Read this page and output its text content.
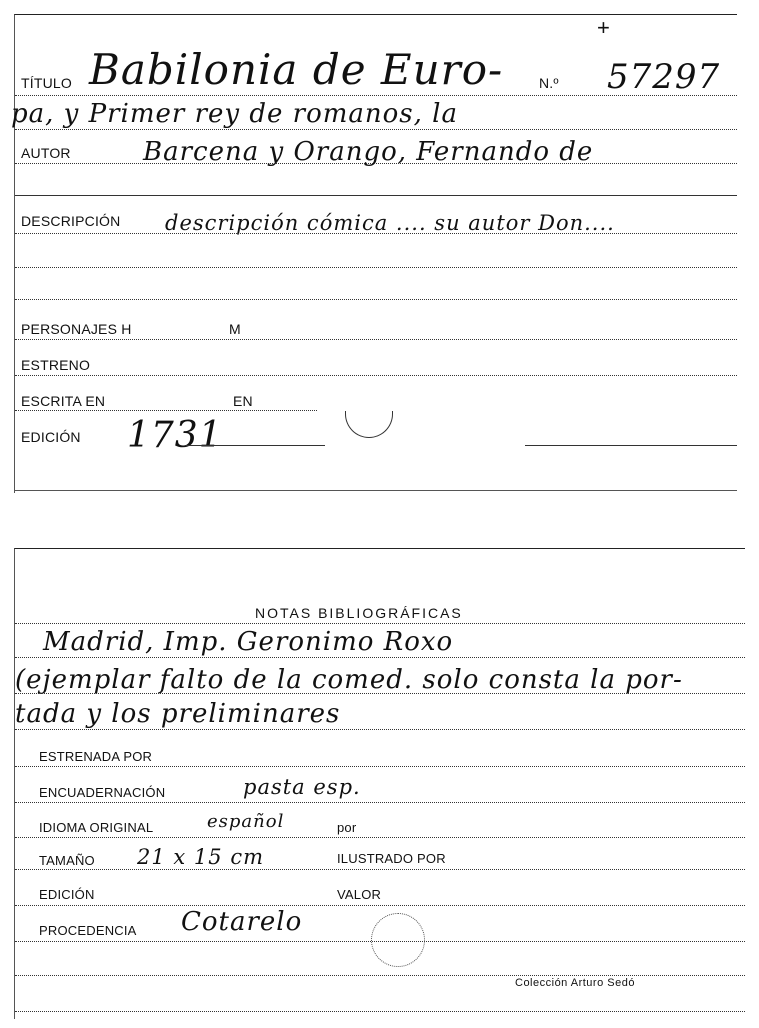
+
TÍTULO Babilonia de Euro-	N.º 57297
pa, y Primer rey de romanos, la
AUTOR	Barcena y Orango, Fernando de
DESCRIPCIÓN descripción cómica .... su autor Don....
PERSONAJES H	M
ESTRENO
ESCRITA EN	EN
EDICIÓN 1731
NOTAS BIBLIOGRÁFICAS
Madrid, Imp. Geronimo Roxo
(ejemplar falto de la comed. solo consta la por-
tada y los preliminares
ESTRENADA POR
ENCUADERNACIÓN	pasta esp.
IDIOMA ORIGINAL	español	por
TAMAÑO 21 x 15 cm	ILUSTRADO POR
EDICIÓN	VALOR
PROCEDENCIA Cotarelo
Colección Arturo Sedó
